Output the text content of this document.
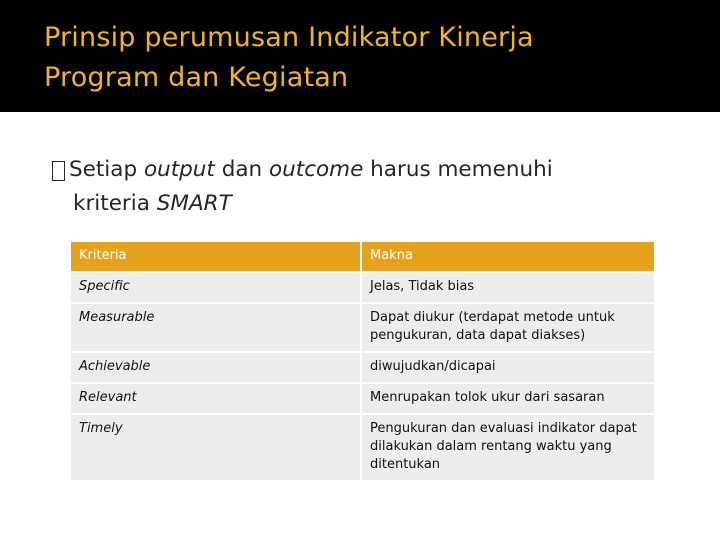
Prinsip perumusan Indikator Kinerja
Program dan Kegiatan
Setiap output dan outcome harus memenuhi
kriteria SMART
Kriteria	Makna
Specific	Jelas, Tidak bias
Measurable	Dapat diukur (terdapat metode untuk pengukuran, data dapat diakses)
Achievable	diwujudkan/dicapai
Relevant	Menrupakan tolok ukur dari sasaran
Timely	Pengukuran dan evaluasi indikator dapat dilakukan dalam rentang waktu yang ditentukan
